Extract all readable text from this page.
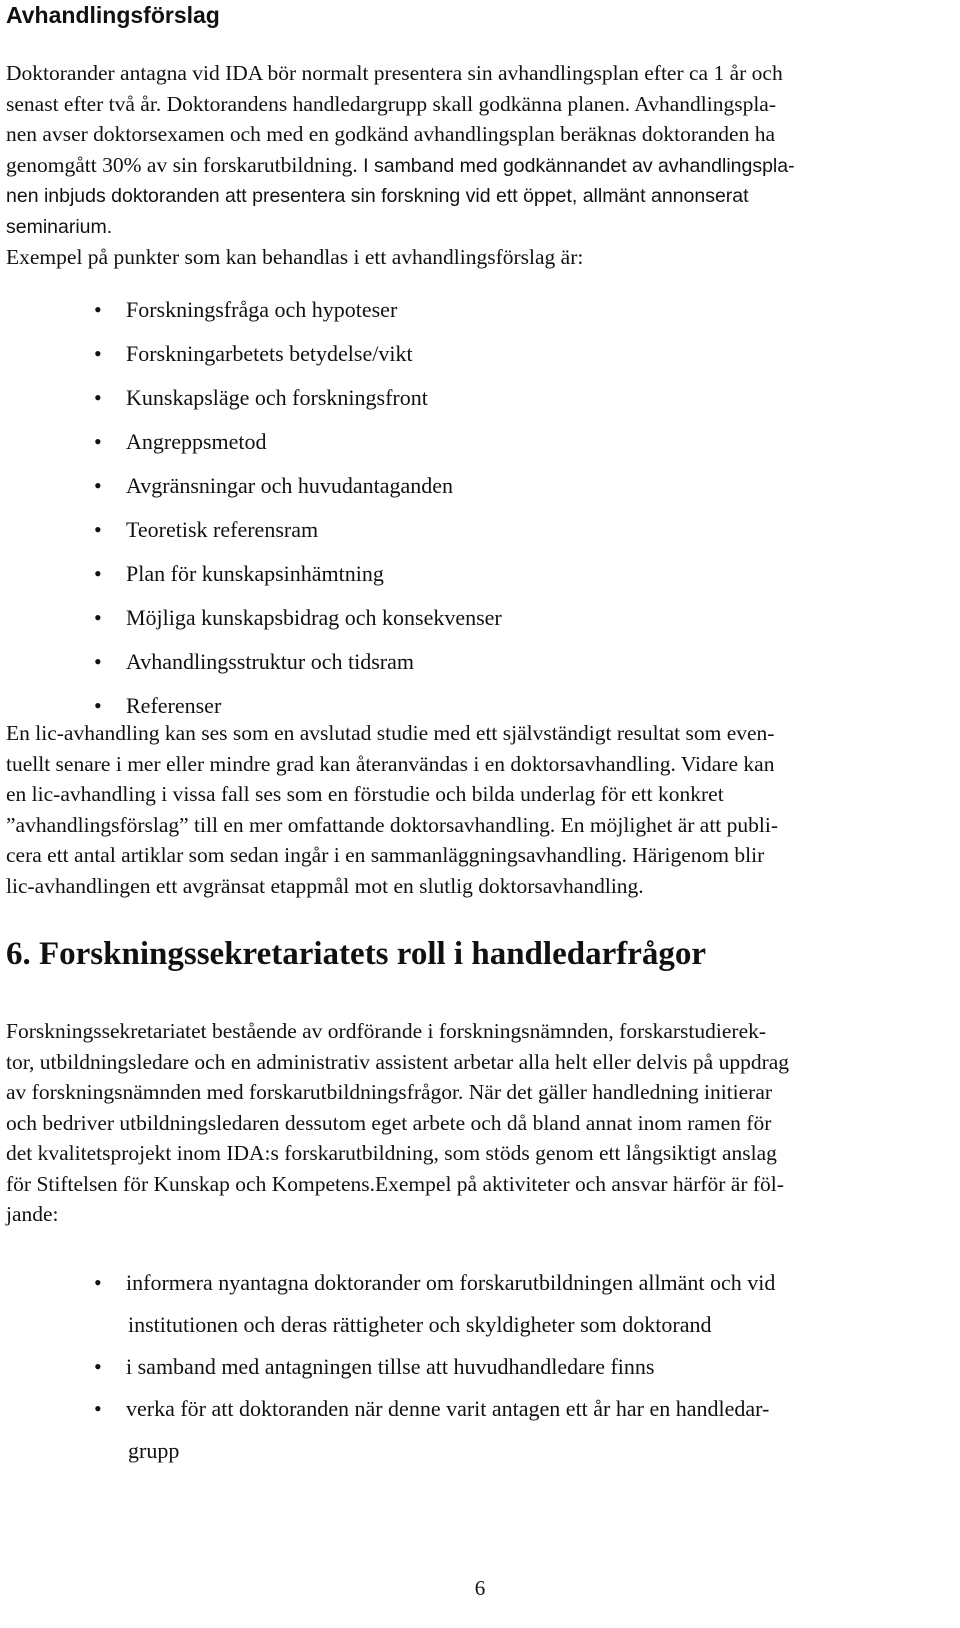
Avhandlingsförslag
Doktorander antagna vid IDA bör normalt presentera sin avhandlingsplan efter ca 1 år och
senast efter två år. Doktorandens handledargrupp skall godkänna planen. Avhandlingspla-
nen avser doktorsexamen och med en godkänd avhandlingsplan beräknas doktoranden ha
genomgått 30% av sin forskarutbildning. I samband med godkännandet av avhandlingspla-
nen inbjuds doktoranden att presentera sin forskning vid ett öppet, allmänt annonserat
seminarium.
Exempel på punkter som kan behandlas i ett avhandlingsförslag är:
• Forskningsfråga och hypoteser
• Forskningarbetets betydelse/vikt
• Kunskapsläge och forskningsfront
• Angreppsmetod
• Avgränsningar och huvudantaganden
• Teoretisk referensram
• Plan för kunskapsinhämtning
• Möjliga kunskapsbidrag och konsekvenser
• Avhandlingsstruktur och tidsram
• Referenser
En lic-avhandling kan ses som en avslutad studie med ett självständigt resultat som even-
tuellt senare i mer eller mindre grad kan återanvändas i en doktorsavhandling. Vidare kan
en lic-avhandling i vissa fall ses som en förstudie och bilda underlag för ett konkret
”avhandlingsförslag” till en mer omfattande doktorsavhandling. En möjlighet är att publi-
cera ett antal artiklar som sedan ingår i en sammanläggningsavhandling. Härigenom blir
lic-avhandlingen ett avgränsat etappmål mot en slutlig doktorsavhandling.
6. Forskningssekretariatets roll i handledarfrågor
Forskningssekretariatet bestående av ordförande i forskningsnämnden, forskarstudierek-
tor, utbildningsledare och en administrativ assistent arbetar alla helt eller delvis på uppdrag
av forskningsnämnden med forskarutbildningsfrågor. När det gäller handledning initierar
och bedriver utbildningsledaren dessutom eget arbete och då bland annat inom ramen för
det kvalitetsprojekt inom IDA:s forskarutbildning, som stöds genom ett långsiktigt anslag
för Stiftelsen för Kunskap och Kompetens.Exempel på aktiviteter och ansvar härför är föl-
jande:
• informera nyantagna doktorander om forskarutbildningen allmänt och vid
institutionen och deras rättigheter och skyldigheter som doktorand
• i samband med antagningen tillse att huvudhandledare finns
• verka för att doktoranden när denne varit antagen ett år har en handledar-
grupp
6
